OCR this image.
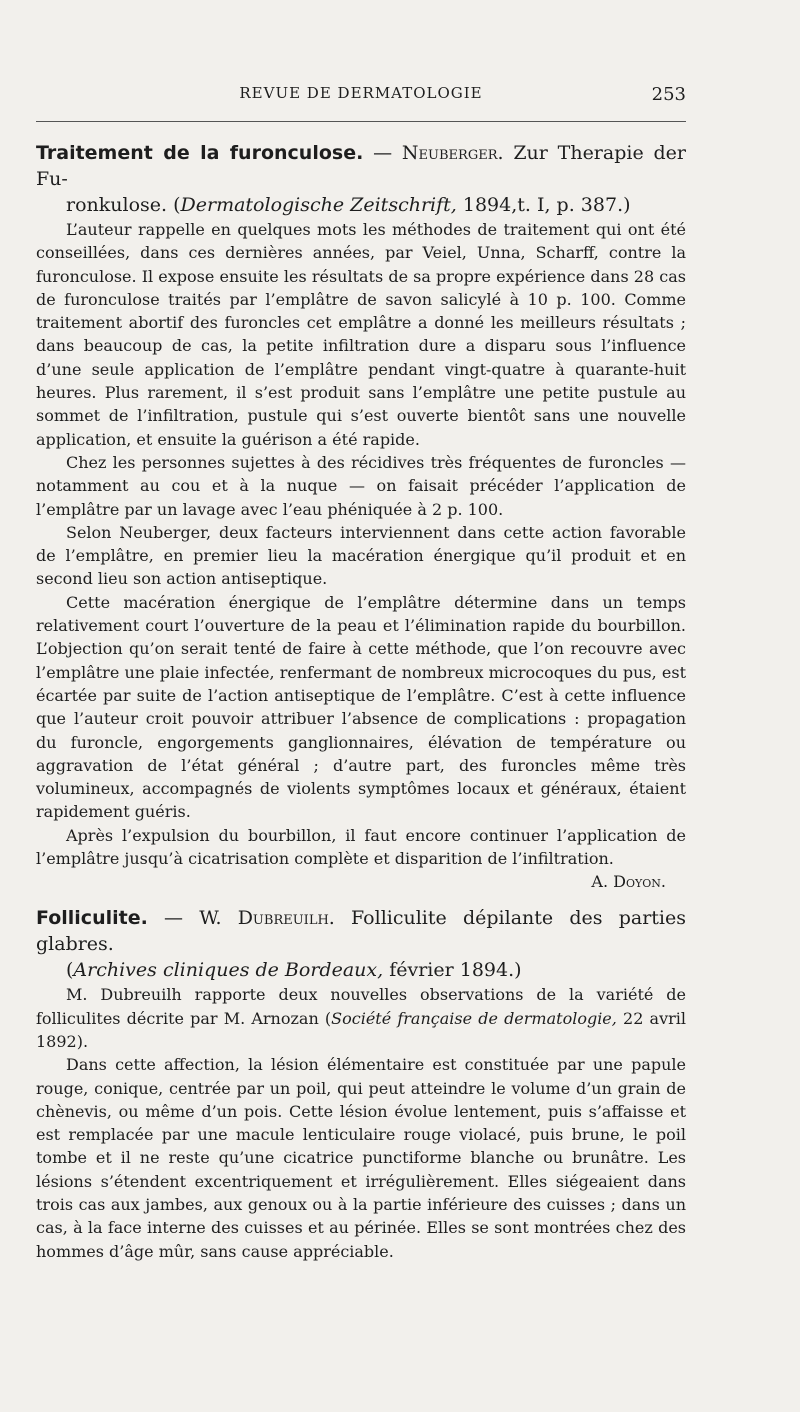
REVUE DE DERMATOLOGIE	253
Traitement de la furonculose. — Neuberger. Zur Therapie der Fu-
ronkulose. (Dermatologische Zeitschrift, 1894,t. I, p. 387.)

L’auteur rappelle en quelques mots les méthodes de traitement qui ont été conseillées, dans ces dernières années, par Veiel, Unna, Scharff, contre la furonculose. Il expose ensuite les résultats de sa propre expérience dans 28 cas de furonculose traités par l’emplâtre de savon salicylé à 10 p. 100. Comme traitement abortif des furoncles cet emplâtre a donné les meilleurs résultats ; dans beaucoup de cas, la petite infiltration dure a disparu sous l’influence d’une seule application de l’emplâtre pendant vingt-quatre à quarante-huit heures. Plus rarement, il s’est produit sans l’emplâtre une petite pustule au sommet de l’infiltration, pustule qui s’est ouverte bientôt sans une nouvelle application, et ensuite la guérison a été rapide.

Chez les personnes sujettes à des récidives très fréquentes de furoncles — notamment au cou et à la nuque — on faisait précéder l’application de l’emplâtre par un lavage avec l’eau phéniquée à 2 p. 100.

Selon Neuberger, deux facteurs interviennent dans cette action favorable de l’emplâtre, en premier lieu la macération énergique qu’il produit et en second lieu son action antiseptique.

Cette macération énergique de l’emplâtre détermine dans un temps relativement court l’ouverture de la peau et l’élimination rapide du bourbillon. L’objection qu’on serait tenté de faire à cette méthode, que l’on recouvre avec l’emplâtre une plaie infectée, renfermant de nombreux microcoques du pus, est écartée par suite de l’action antiseptique de l’emplâtre. C’est à cette influence que l’auteur croit pouvoir attribuer l’absence de complications : propagation du furoncle, engorgements ganglionnaires, élévation de température ou aggravation de l’état général ; d’autre part, des furoncles même très volumineux, accompagnés de violents symptômes locaux et généraux, étaient rapidement guéris.

Après l’expulsion du bourbillon, il faut encore continuer l’application de l’emplâtre jusqu’à cicatrisation complète et disparition de l’infiltration.

A. Doyon.

Folliculite. — W. Dubreuilh. Folliculite dépilante des parties glabres.
(Archives cliniques de Bordeaux, février 1894.)

M. Dubreuilh rapporte deux nouvelles observations de la variété de folliculites décrite par M. Arnozan (Société française de dermatologie, 22 avril 1892).

Dans cette affection, la lésion élémentaire est constituée par une papule rouge, conique, centrée par un poil, qui peut atteindre le volume d’un grain de chènevis, ou même d’un pois. Cette lésion évolue lentement, puis s’affaisse et est remplacée par une macule lenticulaire rouge violacé, puis brune, le poil tombe et il ne reste qu’une cicatrice punctiforme blanche ou brunâtre. Les lésions s’étendent excentriquement et irrégulièrement. Elles siégeaient dans trois cas aux jambes, aux genoux ou à la partie inférieure des cuisses ; dans un cas, à la face interne des cuisses et au périnée. Elles se sont montrées chez des hommes d’âge mûr, sans cause appréciable.
